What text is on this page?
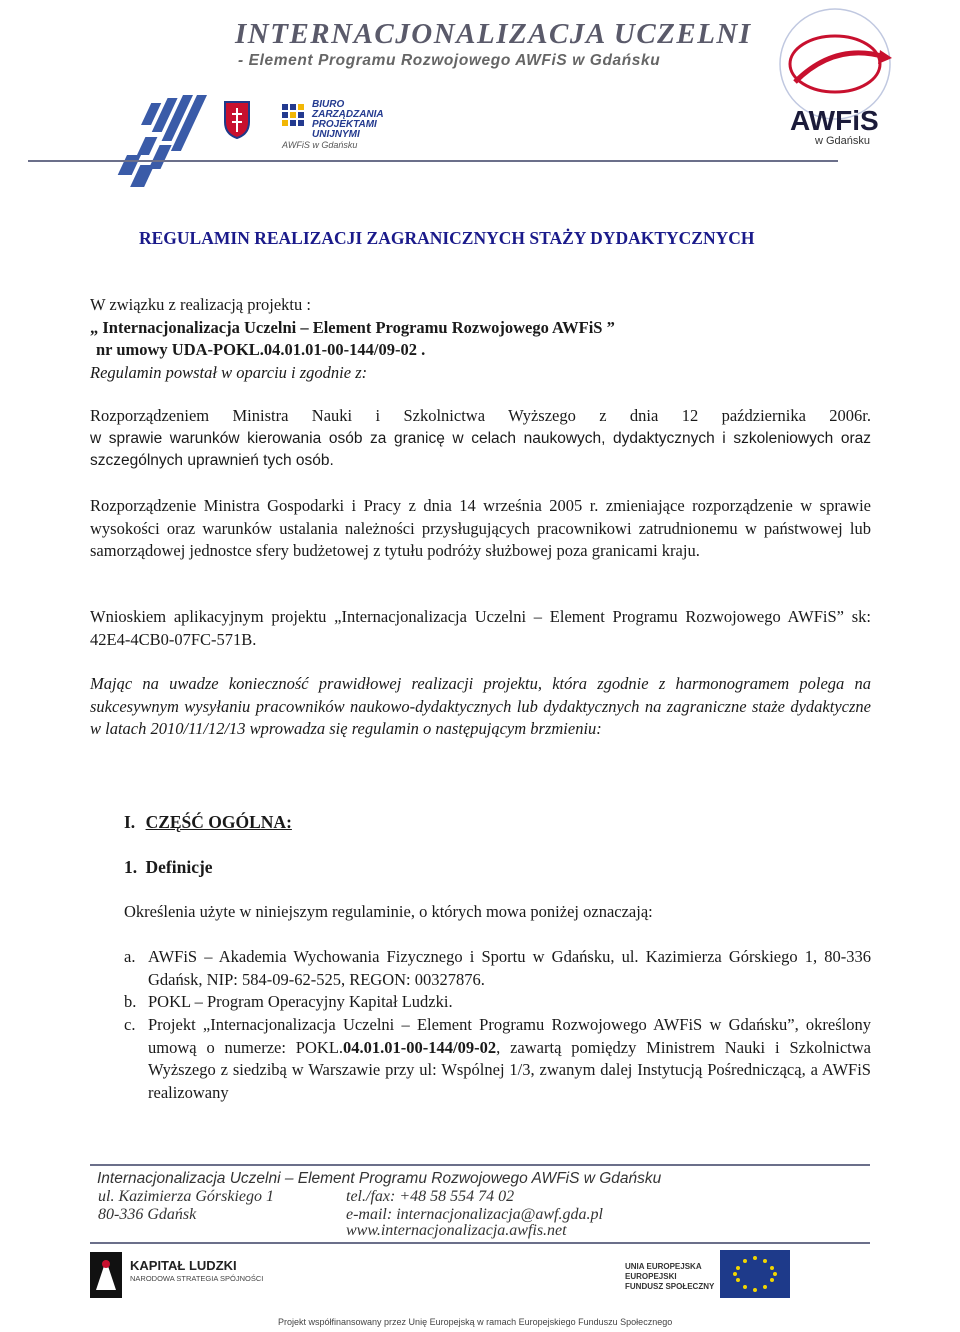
INTERNACJONALIZACJA UCZELNI
- Element Programu Rozwojowego AWFiS w Gdańsku
BIURO
ZARZĄDZANIA
PROJEKTAMI
UNIJNYMI
AWFiS w Gdańsku
AWFiS
w Gdańsku
REGULAMIN REALIZACJI ZAGRANICZNYCH STAŻY DYDAKTYCZNYCH
W związku z realizacją projektu :
„ Internacjonalizacja Uczelni – Element Programu Rozwojowego AWFiS ”
nr umowy UDA-POKL.04.01.01-00-144/09-02 .
Regulamin powstał w oparciu i zgodnie z:
Rozporządzeniem Ministra Nauki i Szkolnictwa Wyższego z dnia 12 października 2006r.
w sprawie warunków kierowania osób za granicę w celach naukowych, dydaktycznych i szkoleniowych oraz szczególnych uprawnień tych osób.
Rozporządzenie Ministra Gospodarki i Pracy z dnia 14 września 2005 r. zmieniające rozporządzenie w sprawie wysokości oraz warunków ustalania należności przysługujących pracownikowi zatrudnionemu w państwowej lub samorządowej jednostce sfery budżetowej z tytułu podróży służbowej poza granicami kraju.
Wnioskiem aplikacyjnym projektu „Internacjonalizacja Uczelni – Element Programu Rozwojowego AWFiS” sk: 42E4-4CB0-07FC-571B.
Mając na uwadze konieczność prawidłowej realizacji projektu, która zgodnie z harmonogramem polega na sukcesywnym wysyłaniu pracowników naukowo-dydaktycznych lub dydaktycznych na zagraniczne staże dydaktyczne w latach 2010/11/12/13 wprowadza się regulamin o następującym brzmieniu:
I. CZĘŚĆ OGÓLNA:
1. Definicje
Określenia użyte w niniejszym regulaminie, o których mowa poniżej oznaczają:
a. AWFiS – Akademia Wychowania Fizycznego i Sportu w Gdańsku, ul. Kazimierza Górskiego 1, 80-336 Gdańsk, NIP: 584-09-62-525, REGON: 00327876.
b. POKL – Program Operacyjny Kapitał Ludzki.
c. Projekt „Internacjonalizacja Uczelni – Element Programu Rozwojowego AWFiS w Gdańsku”, określony umową o numerze: POKL.04.01.01-00-144/09-02, zawartą pomiędzy Ministrem Nauki i Szkolnictwa Wyższego z siedzibą w Warszawie przy ul: Wspólnej 1/3, zwanym dalej Instytucją Pośredniczącą, a AWFiS realizowany
Internacjonalizacja Uczelni – Element Programu Rozwojowego AWFiS w Gdańsku
ul. Kazimierza Górskiego 1
80-336 Gdańsk
tel./fax: +48 58 554 74 02
e-mail: internacjonalizacja@awf.gda.pl
www.internacjonalizacja.awfis.net
KAPITAŁ LUDZKI
NARODOWA STRATEGIA SPÓJNOŚCI
UNIA EUROPEJSKA
EUROPEJSKI
FUNDUSZ SPOŁECZNY
Projekt współfinansowany przez Unię Europejską w ramach Europejskiego Funduszu Społecznego
